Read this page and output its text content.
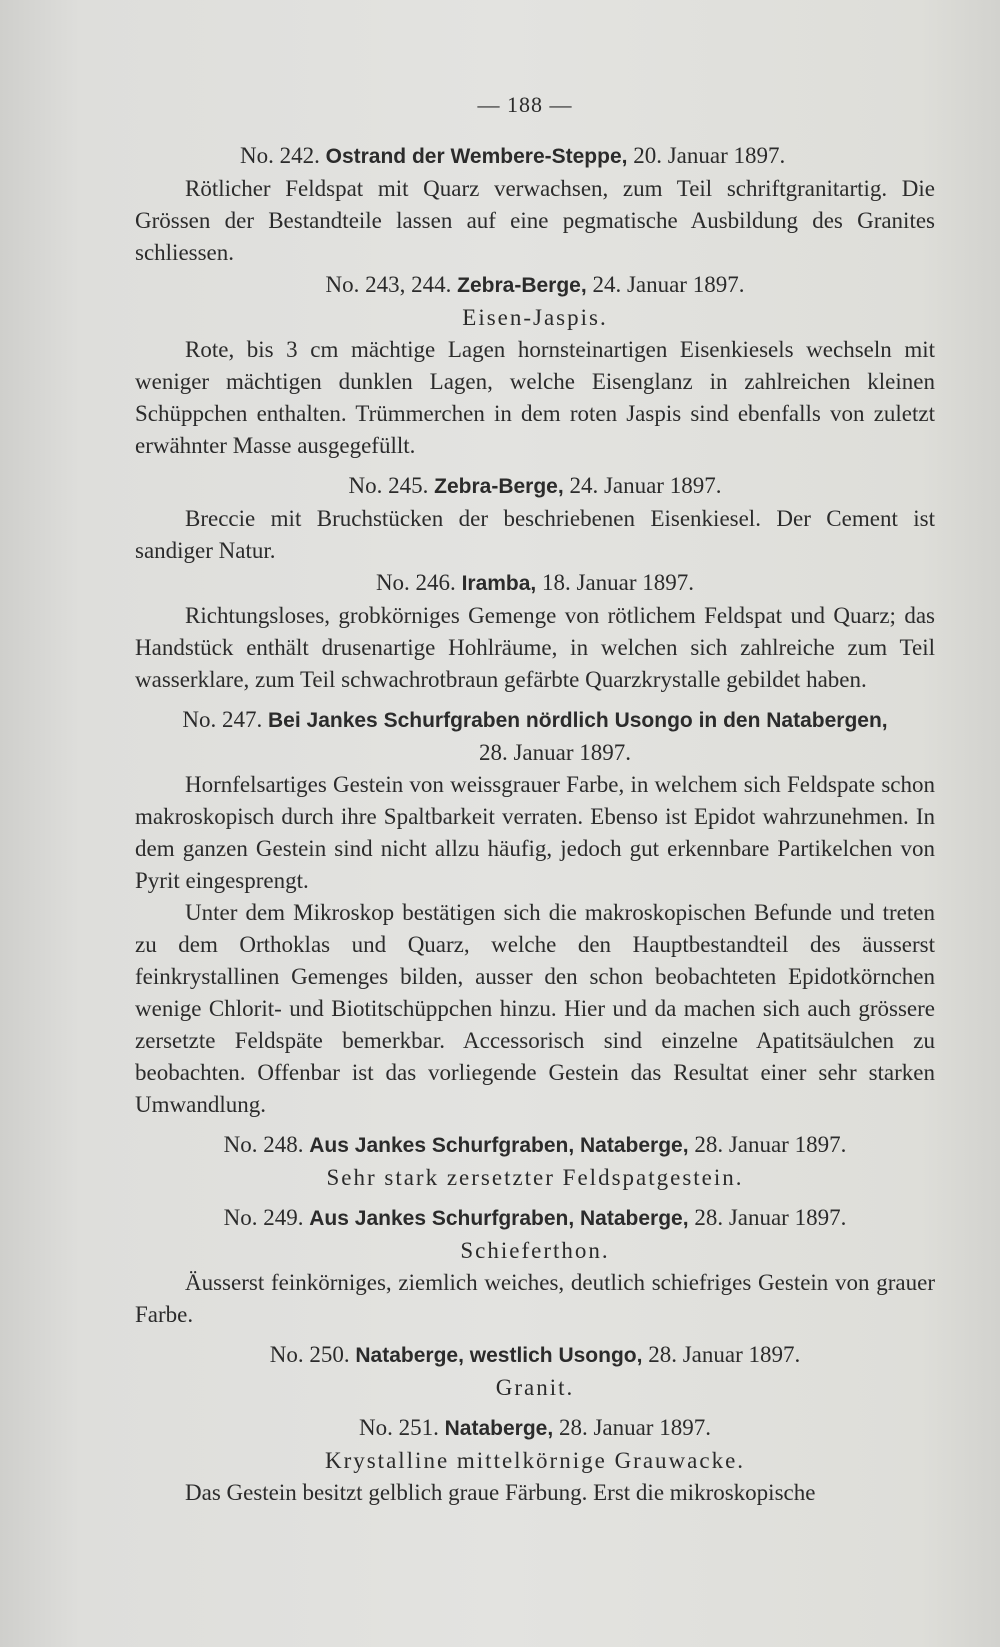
— 188 —
No. 242. Ostrand der Wembere-Steppe, 20. Januar 1897.

Rötlicher Feldspat mit Quarz verwachsen, zum Teil schriftgranitartig. Die Grössen der Bestandteile lassen auf eine pegmatische Ausbildung des Granites schliessen.

No. 243, 244. Zebra-Berge, 24. Januar 1897.
Eisen-Jaspis.

Rote, bis 3 cm mächtige Lagen hornsteinartigen Eisenkiesels wechseln mit weniger mächtigen dunklen Lagen, welche Eisenglanz in zahlreichen kleinen Schüppchen enthalten. Trümmerchen in dem roten Jaspis sind ebenfalls von zuletzt erwähnter Masse ausgegefüllt.

No. 245. Zebra-Berge, 24. Januar 1897.

Breccie mit Bruchstücken der beschriebenen Eisenkiesel. Der Cement ist sandiger Natur.

No. 246. Iramba, 18. Januar 1897.

Richtungsloses, grobkörniges Gemenge von rötlichem Feldspat und Quarz; das Handstück enthält drusenartige Hohlräume, in welchen sich zahlreiche zum Teil wasserklare, zum Teil schwachrotbraun gefärbte Quarzkrystalle gebildet haben.

No. 247. Bei Jankes Schurfgraben nördlich Usongo in den Natabergen,
28. Januar 1897.

Hornfelsartiges Gestein von weissgrauer Farbe, in welchem sich Feldspate schon makroskopisch durch ihre Spaltbarkeit verraten. Ebenso ist Epidot wahrzunehmen. In dem ganzen Gestein sind nicht allzu häufig, jedoch gut erkennbare Partikelchen von Pyrit eingesprengt.

Unter dem Mikroskop bestätigen sich die makroskopischen Befunde und treten zu dem Orthoklas und Quarz, welche den Hauptbestandteil des äusserst feinkrystallinen Gemenges bilden, ausser den schon beobachteten Epidotkörnchen wenige Chlorit- und Biotitschüppchen hinzu. Hier und da machen sich auch grössere zersetzte Feldspäte bemerkbar. Accessorisch sind einzelne Apatitsäulchen zu beobachten. Offenbar ist das vorliegende Gestein das Resultat einer sehr starken Umwandlung.

No. 248. Aus Jankes Schurfgraben, Nataberge, 28. Januar 1897.
Sehr stark zersetzter Feldspatgestein.
No. 249. Aus Jankes Schurfgraben, Nataberge, 28. Januar 1897.
Schieferthon.

Äusserst feinkörniges, ziemlich weiches, deutlich schiefriges Gestein von grauer Farbe.

No. 250. Nataberge, westlich Usongo, 28. Januar 1897.
Granit.
No. 251. Nataberge, 28. Januar 1897.
Krystalline mittelkörnige Grauwacke.

Das Gestein besitzt gelblich graue Färbung. Erst die mikroskopische
